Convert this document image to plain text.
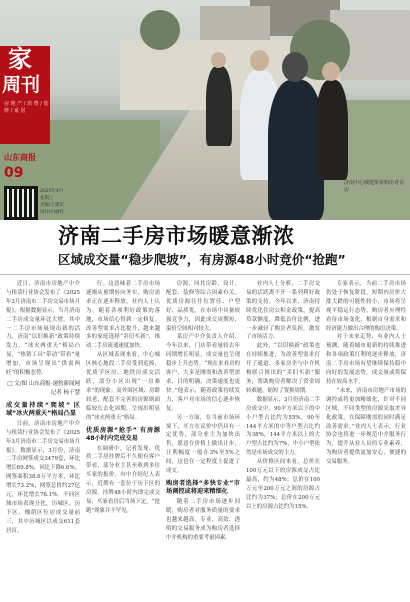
济南中心城建带看购房者看房
家
周刊
房 地 产 / 消 费 / 装 修 / 家 居
山东商报
09
2025年4月
星期三
责编/王建军
设计/白丽红
济南二手房市场暖意渐浓
区域成交量“稳步爬坡”，有房源48小时竞价“抢跑”

近日，济南市房地产中介与租赁行业协会发布了《2025年3月济南市二手房交易市场月报》，根据数据显示，当月济南二手房成交量环比大增，其中一二手房市场展现出新的活力，济南“以旧换新”政策持续发力，“冰火两重天”格局凸显，“热销工具”带动“带看”量增加，市场呈现出“供需两旺”的积极态势。

□ 文/图 山东商报·速豹新闻网记者 杨千慧
成交量持续“爬坡” 区域“冰火两重天”格局凸显

日前，济南市房地产中介与租赁行业协会发布了《2025年3月济南市二手房交易市场月报》。数据显示，3月份，济南二手房网签成交3479套，环比增长69.8%，同比下降6.6%；网签面积38.6万平方米，环比增长73.2%；网签总价约27亿元，环比增长76.1%。不同区域市场表现分化，历城区、历下区、槐荫区位居成交量前三，其中历城区以成交611套居首。

行。这意味着二手房市场逐渐从预期转向务实，购房需求正在逐步释放。业内人士认为，随着各项利好政策的落地，市场信心得到一定修复。改善型需求占比提升，越来越多的家庭选择“卖旧买新”，推动二手房流通速度加快。

从区域表现来看，中心城区核心地段二手房受到追捧，优质学区房、地铁房成交活跃，部分小区出现“一房难求”的现象；而外围区域、房龄较老、配套不完善的房源则面临较长去化周期，呈现出明显的“冰火两重天”格局。

优质房源“抢手” 有房源48小时内完成交易

在调研中，记者发现，优质二手房挂牌后不久便有客户带看，部分业主甚至收到多位买家的报价。有中介经纪人表示，近期有一套位于历下区的房源，挂牌48小时内即完成交易，买家看房后当场下定，“抢跑”现象并不罕见。

房源，同其房龄、设计、配套、装修等综合因素有关。优质房源往往位置佳、户型好、品质优，在市场中具备较强竞争力，因此成交周期短，溢价空间相对较大。

某房产中介负责人介绍，今年以来，门店带看量较去年同期增长明显，成交量也呈现稳步上升态势。“现在来看房的客户，大多是刚需和改善型需求，目的明确，决策速度也更快。”他表示，随着政策持续发力，客户对市场的信心逐步恢复。

另一方面，在当前市场环境下，买方在议价中仍具有一定优势，部分业主为加快出售，愿意在价格上做出让步，让利幅度一般在3%至5%之间，这也在一定程度上促进了成交。

购房者选择“多快专业”市场调控或将迎来精细化

随着二手房市场逐步回暖，购房者对服务质量的要求也越来越高。专业、高效、透明的交易服务成为购房者选择中介机构的重要考量因素。

业内人士分析，二手房交易的活跃离不开一系列利好政策的支持。今年以来，济南持续优化住房公积金政策，提高贷款额度，降低首付比例，进一步减轻了购房者负担，激发了市场活力。

此外，“以旧换新”政策也在持续推进，为改善型需求打开了通道。多家房企与中介机构联合推出的“卖旧买新”服务，帮助购房者解决了资金周转难题，缩短了置换周期。

数据显示，3月份济南二手房成交中，90平方米以下的中小户型占比约为55%，90至144平方米的中等户型占比约为38%，144平方米以上的大户型占比约为7%，中小户型依然是市场成交的主力。

从价格区间来看，总价在100万元以下的房源成交占比最高，约为48%；总价在100万元至200万元之间的房源占比约为37%；总价在200万元以上的房源占比约为15%。

专家表示，当前二手房市场仍处于恢复阶段，短期内房价大涨大跌的可能性较小，市场将呈现平稳运行态势。购房者应理性看待市场变化，根据自身需求和经济能力做出合理的购房决策。

对于未来走势，有业内人士预测，随着城市更新的持续推进和各项政策红利的逐步释放，济南二手房市场有望继续保持稳中向好的发展态势，成交量或将保持在较高水平。

“未来，济南市房地产市场的调控或将更加精细化，针对不同区域、不同类型的房源采取差异化政策，在保障刚需的同时满足改善需求。”业内人士表示，行业协会也将进一步规范中介服务行为，提升从业人员的专业素养，为购房者提供更加安心、便捷的交易服务。
